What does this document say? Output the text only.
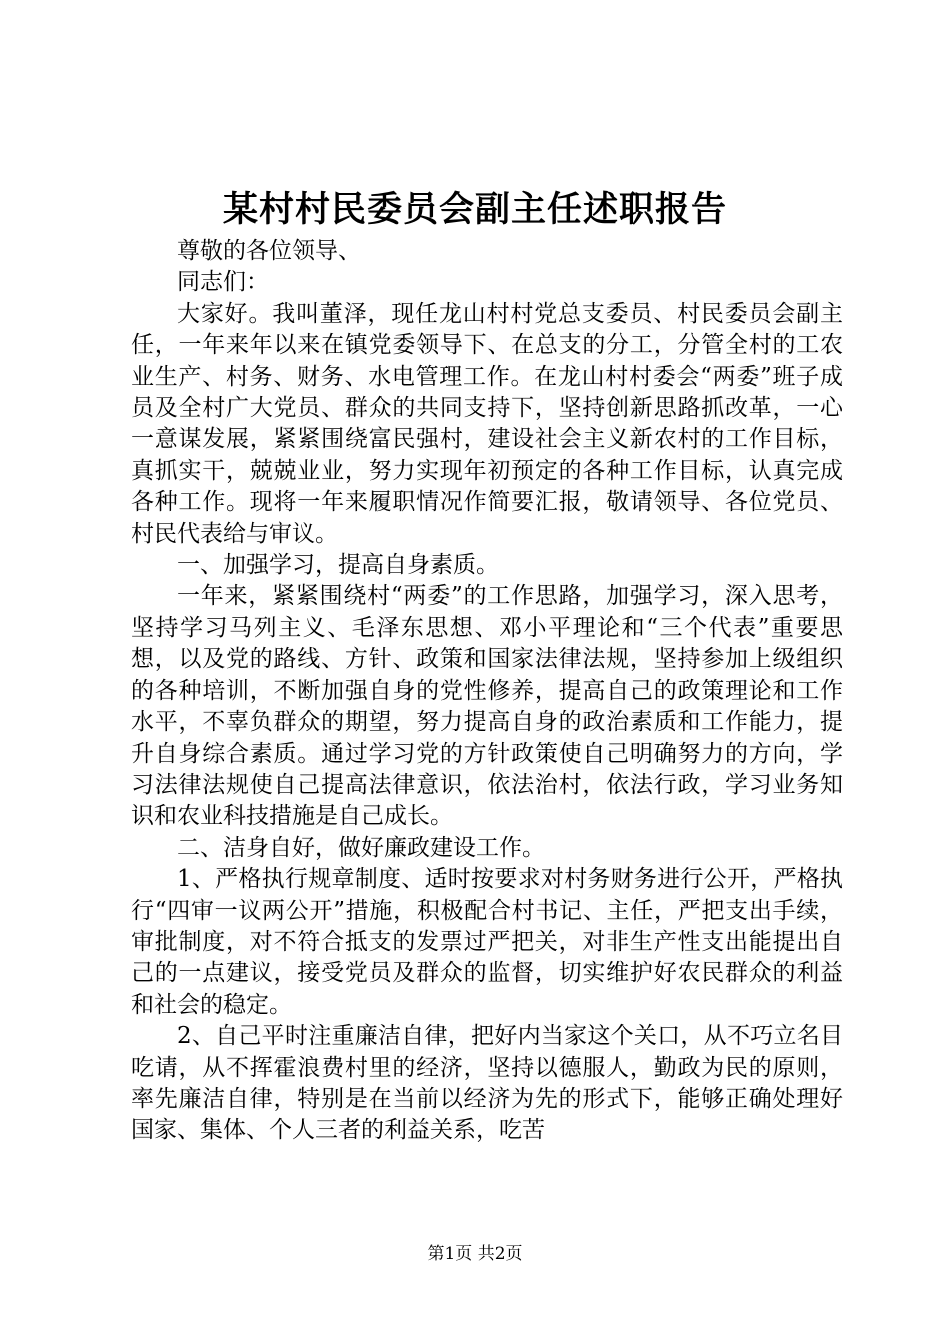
某村村民委员会副主任述职报告

尊敬的各位领导、

同志们：

大家好。我叫董泽，现任龙山村村党总支委员、村民委员会副主任，一年来年以来在镇党委领导下、在总支的分工，分管全村的工农业生产、村务、财务、水电管理工作。在龙山村村委会“两委”班子成员及全村广大党员、群众的共同支持下，坚持创新思路抓改革，一心一意谋发展，紧紧围绕富民强村，建设社会主义新农村的工作目标，真抓实干，兢兢业业，努力实现年初预定的各种工作目标，认真完成各种工作。现将一年来履职情况作简要汇报，敬请领导、各位党员、村民代表给与审议。

一、加强学习，提高自身素质。

一年来，紧紧围绕村“两委”的工作思路，加强学习，深入思考，坚持学习马列主义、毛泽东思想、邓小平理论和“三个代表”重要思想，以及党的路线、方针、政策和国家法律法规，坚持参加上级组织的各种培训，不断加强自身的党性修养，提高自己的政策理论和工作水平，不辜负群众的期望，努力提高自身的政治素质和工作能力，提升自身综合素质。通过学习党的方针政策使自己明确努力的方向，学习法律法规使自己提高法律意识，依法治村，依法行政，学习业务知识和农业科技措施是自己成长。

二、洁身自好，做好廉政建设工作。

1、严格执行规章制度、适时按要求对村务财务进行公开，严格执行“四审一议两公开”措施，积极配合村书记、主任，严把支出手续，审批制度，对不符合抵支的发票过严把关，对非生产性支出能提出自己的一点建议，接受党员及群众的监督，切实维护好农民群众的利益和社会的稳定。

2、自己平时注重廉洁自律，把好内当家这个关口，从不巧立名目吃请，从不挥霍浪费村里的经济，坚持以德服人，勤政为民的原则，率先廉洁自律，特别是在当前以经济为先的形式下，能够正确处理好国家、集体、个人三者的利益关系，吃苦

第1页 共2页
